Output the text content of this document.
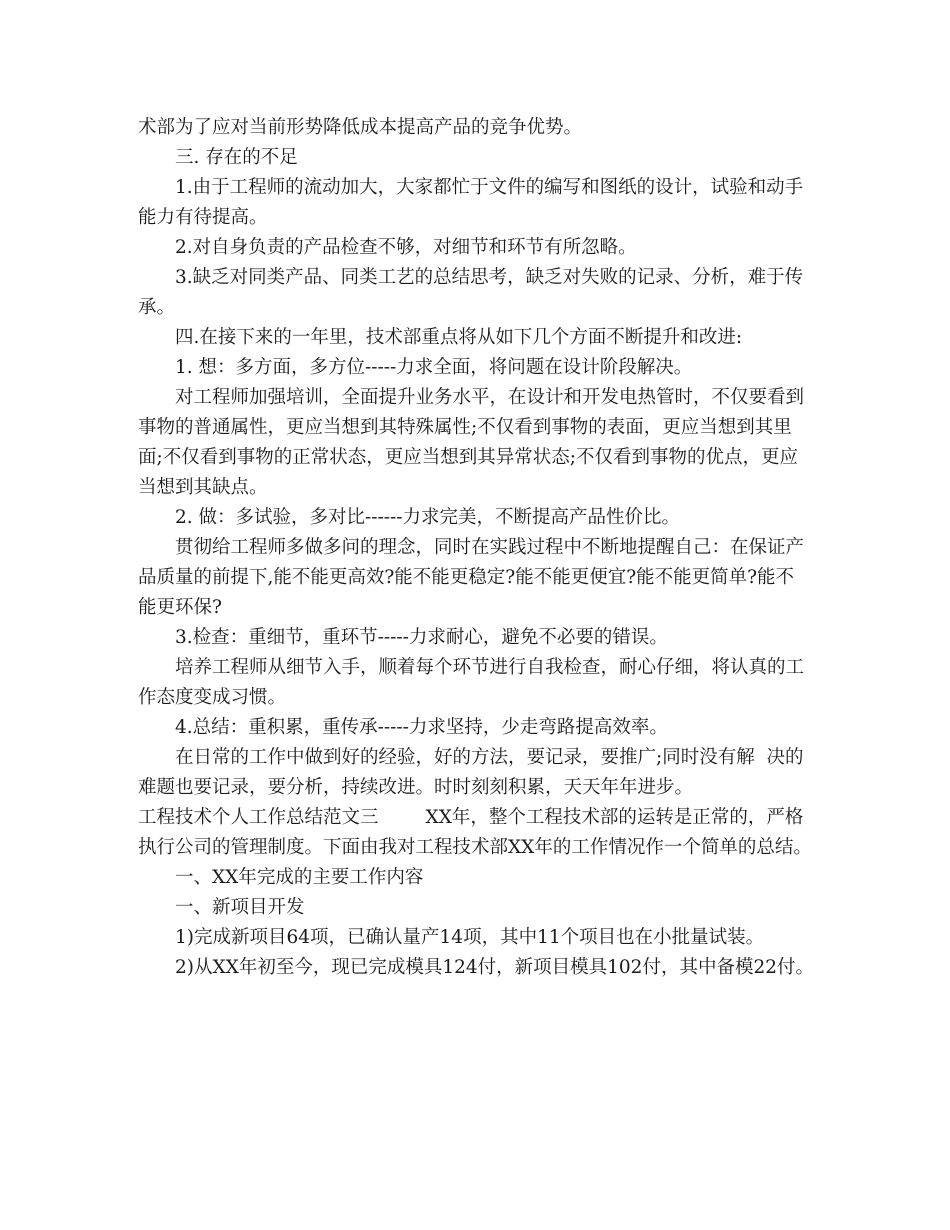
术部为了应对当前形势降低成本提高产品的竞争优势。
三. 存在的不足
1.由于工程师的流动加大，大家都忙于文件的编写和图纸的设计，试验和动手
能力有待提高。
2.对自身负责的产品检查不够，对细节和环节有所忽略。
3.缺乏对同类产品、同类工艺的总结思考，缺乏对失败的记录、分析，难于传
承。
四.在接下来的一年里，技术部重点将从如下几个方面不断提升和改进:
1. 想：多方面，多方位-----力求全面，将问题在设计阶段解决。
对工程师加强培训，全面提升业务水平，在设计和开发电热管时，不仅要看到
事物的普通属性，更应当想到其特殊属性;不仅看到事物的表面，更应当想到其里
面;不仅看到事物的正常状态，更应当想到其异常状态;不仅看到事物的优点，更应
当想到其缺点。
2. 做：多试验，多对比------力求完美，不断提高产品性价比。
贯彻给工程师多做多问的理念，同时在实践过程中不断地提醒自己：在保证产
品质量的前提下,能不能更高效?能不能更稳定?能不能更便宜?能不能更简单?能不
能更环保?
3.检查：重细节，重环节-----力求耐心，避免不必要的错误。
培养工程师从细节入手，顺着每个环节进行自我检查，耐心仔细，将认真的工
作态度变成习惯。
4.总结：重积累，重传承-----力求坚持，少走弯路提高效率。
在日常的工作中做到好的经验，好的方法，要记录，要推广;同时没有解  决的
难题也要记录，要分析，持续改进。时时刻刻积累，天天年年进步。
工程技术个人工作总结范文三        XX年，整个工程技术部的运转是正常的，严格
执行公司的管理制度。下面由我对工程技术部XX年的工作情况作一个简单的总结。
一、XX年完成的主要工作内容
一、新项目开发
1)完成新项目64项，已确认量产14项，其中11个项目也在小批量试装。
2)从XX年初至今，现已完成模具124付，新项目模具102付，其中备模22付。
